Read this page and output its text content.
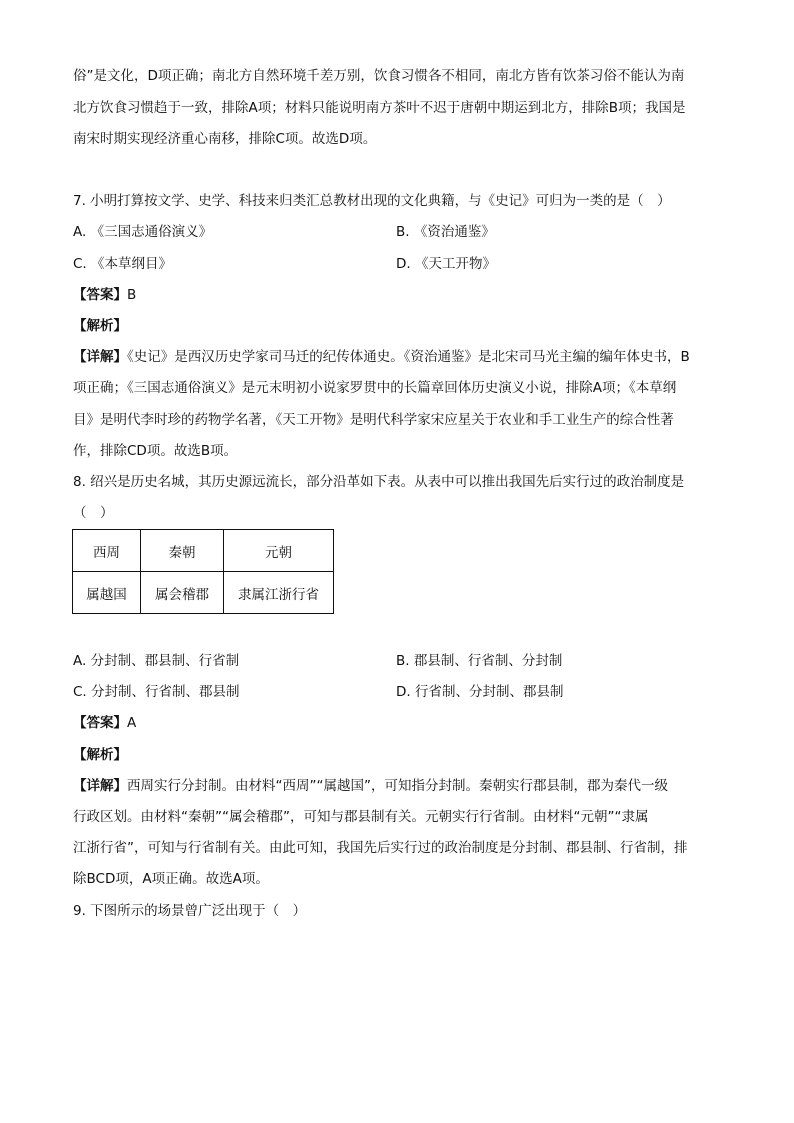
俗”是文化，D项正确；南北方自然环境千差万别，饮食习惯各不相同，南北方皆有饮茶习俗不能认为南
北方饮食习惯趋于一致，排除A项；材料只能说明南方茶叶不迟于唐朝中期运到北方，排除B项；我国是
南宋时期实现经济重心南移，排除C项。故选D项。
7. 小明打算按文学、史学、科技来归类汇总教材出现的文化典籍，与《史记》可归为一类的是（　）
A. 《三国志通俗演义》	B. 《资治通鉴》
C. 《本草纲目》	D. 《天工开物》
【答案】B
【解析】
【详解】《史记》是西汉历史学家司马迁的纪传体通史。《资治通鉴》是北宋司马光主编的编年体史书，B
项正确；《三国志通俗演义》是元末明初小说家罗贯中的长篇章回体历史演义小说，排除A项；《本草纲
目》是明代李时珍的药物学名著，《天工开物》是明代科学家宋应星关于农业和手工业生产的综合性著
作，排除CD项。故选B项。
8. 绍兴是历史名城，其历史源远流长，部分沿革如下表。从表中可以推出我国先后实行过的政治制度是
（　）
西周	秦朝	元朝
属越国	属会稽郡	隶属江浙行省
A. 分封制、郡县制、行省制	B. 郡县制、行省制、分封制
C. 分封制、行省制、郡县制	D. 行省制、分封制、郡县制
【答案】A
【解析】
【详解】西周实行分封制。由材料“西周”“属越国”，可知指分封制。秦朝实行郡县制，郡为秦代一级
行政区划。由材料“秦朝”“属会稽郡”，可知与郡县制有关。元朝实行行省制。由材料“元朝”“隶属
江浙行省”，可知与行省制有关。由此可知，我国先后实行过的政治制度是分封制、郡县制、行省制，排
除BCD项，A项正确。故选A项。
9. 下图所示的场景曾广泛出现于（　）
